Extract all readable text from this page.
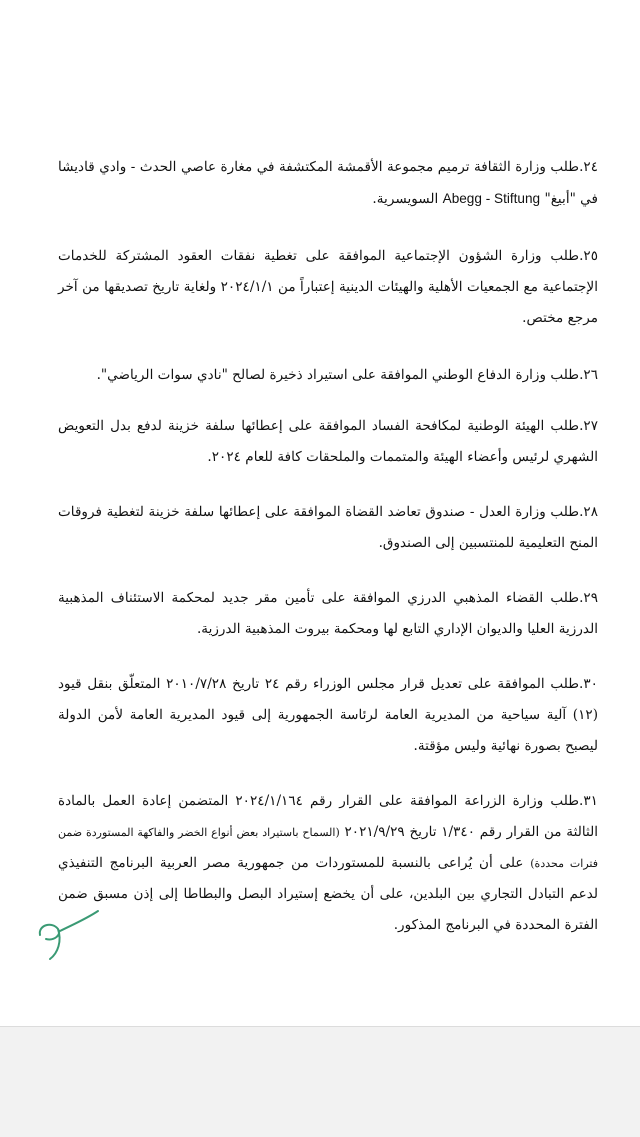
٢٤.طلب وزارة الثقافة ترميم مجموعة الأقمشة المكتشفة في مغارة عاصي الحدث - وادي قاديشا في "أبيغ" Abegg - Stiftung السويسرية.

٢٥.طلب وزارة الشؤون الإجتماعية الموافقة على تغطية نفقات العقود المشتركة للخدمات الإجتماعية مع الجمعيات الأهلية والهيئات الدينية إعتباراً من ٢٠٢٤/١/١ ولغاية تاريخ تصديقها من آخر مرجع مختص.

٢٦.طلب وزارة الدفاع الوطني الموافقة على استيراد ذخيرة لصالح "نادي سوات الرياضي".

٢٧.طلب الهيئة الوطنية لمكافحة الفساد الموافقة على إعطائها سلفة خزينة لدفع بدل التعويض الشهري لرئيس وأعضاء الهيئة والمتممات والملحقات كافة للعام ٢٠٢٤.

٢٨.طلب وزارة العدل - صندوق تعاضد القضاة الموافقة على إعطائها سلفة خزينة لتغطية فروقات المنح التعليمية للمنتسبين إلى الصندوق.

٢٩.طلب القضاء المذهبي الدرزي الموافقة على تأمين مقر جديد لمحكمة الاستئناف المذهبية الدرزية العليا والديوان الإداري التابع لها ومحكمة بيروت المذهبية الدرزية.

٣٠.طلب الموافقة على تعديل قرار مجلس الوزراء رقم ٢٤ تاريخ ٢٠١٠/٧/٢٨ المتعلّق بنقل قيود (١٢) آلية سياحية من المديرية العامة لرئاسة الجمهورية إلى قيود المديرية العامة لأمن الدولة ليصبح بصورة نهائية وليس مؤقتة.

٣١.طلب وزارة الزراعة الموافقة على القرار رقم ٢٠٢٤/١/١٦٤ المتضمن إعادة العمل بالمادة الثالثة من القرار رقم ١/٣٤٠ تاريخ ٢٠٢١/٩/٢٩ (السماح باستيراد بعض أنواع الخضر والفاكهة المستوردة ضمن فترات محددة) على أن يُراعى بالنسبة للمستوردات من جمهورية مصر العربية البرنامج التنفيذي لدعم التبادل التجاري بين البلدين، على أن يخضع إستيراد البصل والبطاطا إلى إذن مسبق ضمن الفترة المحددة في البرنامج المذكور.
